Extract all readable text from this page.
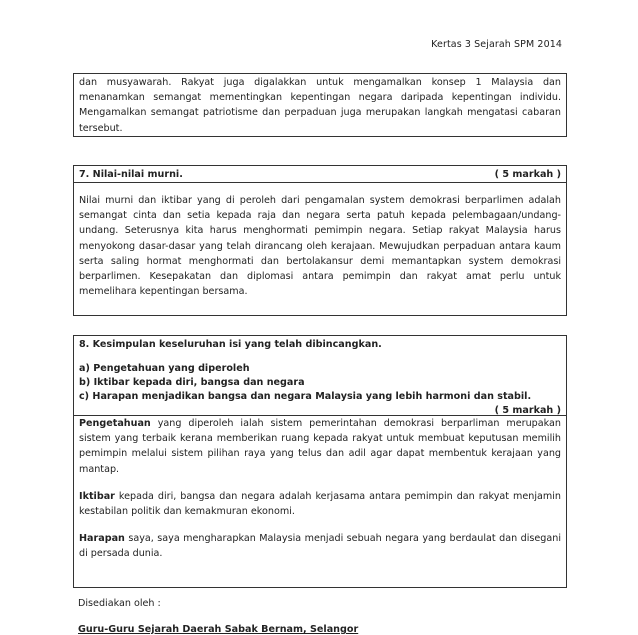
Kertas 3 Sejarah SPM 2014

dan musyawarah. Rakyat juga digalakkan untuk mengamalkan konsep 1 Malaysia dan menanamkan semangat mementingkan kepentingan negara daripada kepentingan individu. Mengamalkan semangat patriotisme dan perpaduan juga merupakan langkah mengatasi cabaran tersebut.

7. Nilai-nilai murni.	( 5 markah )

Nilai murni dan iktibar yang di peroleh dari pengamalan system demokrasi berparlimen adalah semangat cinta dan setia kepada raja dan negara serta patuh kepada pelembagaan/undang-undang. Seterusnya kita harus menghormati pemimpin negara. Setiap rakyat Malaysia harus menyokong dasar-dasar yang telah dirancang oleh kerajaan. Mewujudkan perpaduan antara kaum serta saling hormat menghormati dan bertolakansur demi memantapkan system demokrasi berparlimen. Kesepakatan dan diplomasi antara pemimpin dan rakyat amat perlu untuk memelihara kepentingan bersama.

8. Kesimpulan keseluruhan isi yang telah dibincangkan.
a) Pengetahuan yang diperoleh
b) Iktibar kepada diri, bangsa dan negara
c) Harapan menjadikan bangsa dan negara Malaysia yang lebih harmoni dan stabil.
( 5 markah )

Pengetahuan yang diperoleh ialah sistem pemerintahan demokrasi berparliman merupakan sistem yang terbaik kerana memberikan ruang kepada rakyat untuk membuat keputusan memilih pemimpin melalui sistem pilihan raya yang telus dan adil agar dapat membentuk kerajaan yang mantap.

Iktibar kepada diri, bangsa dan negara adalah kerjasama antara pemimpin dan rakyat menjamin kestabilan politik dan kemakmuran ekonomi.

Harapan saya, saya mengharapkan Malaysia menjadi sebuah negara yang berdaulat dan disegani di persada dunia.

Disediakan oleh :
Guru-Guru Sejarah Daerah Sabak Bernam, Selangor
